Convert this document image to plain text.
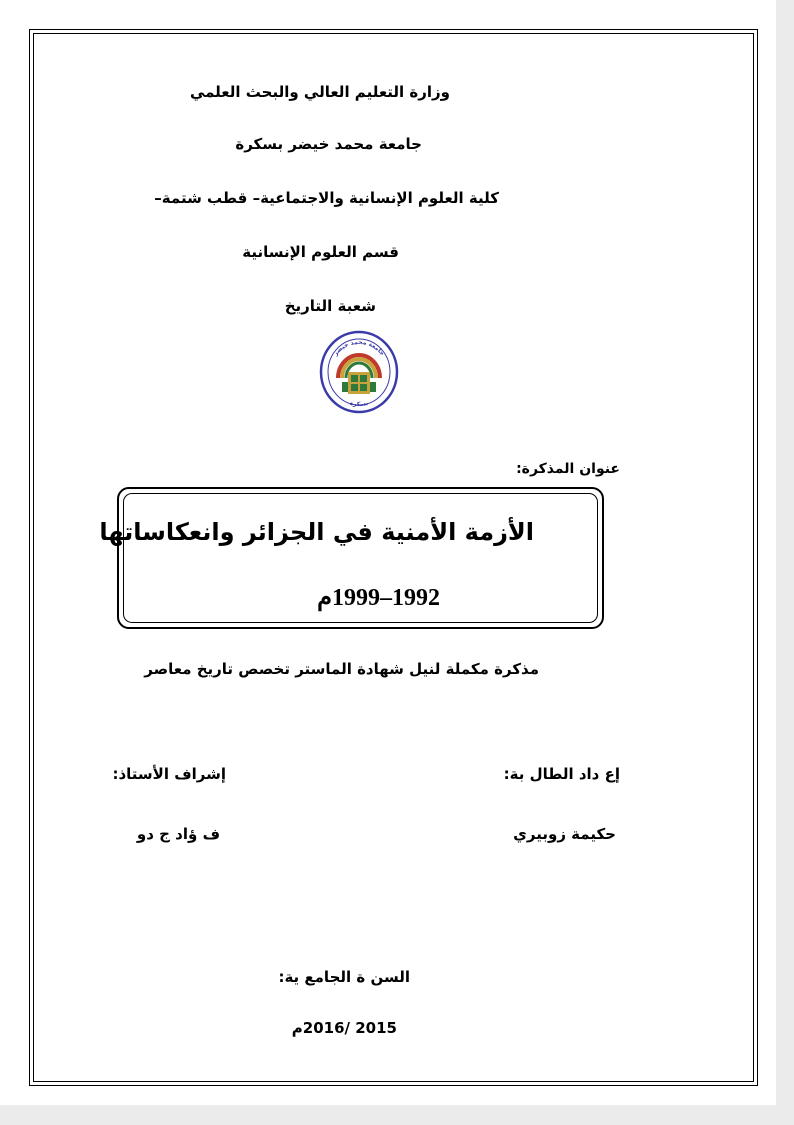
وزارة التعليم العالي والبحث العلمي
جامعة محمد خيضر بسكرة
كلية العلوم الإنسانية والاجتماعية– قطب شتمة–
قسم العلوم الإنسانية
شعبة التاريخ
جامعة محمد خيضر
بسكرة
عنوان المذكرة:
الأزمة الأمنية في الجزائر وانعكاساتها
1992–1999م
مذكرة مكملة لنيل شهادة الماستر تخصص تاريخ معاصر
إع داد الطال بة:
إشراف الأستاذ:
حكيمة زوبيري
ف ؤاد ج دو
السن ة الجامع ية:
2015 /2016م
